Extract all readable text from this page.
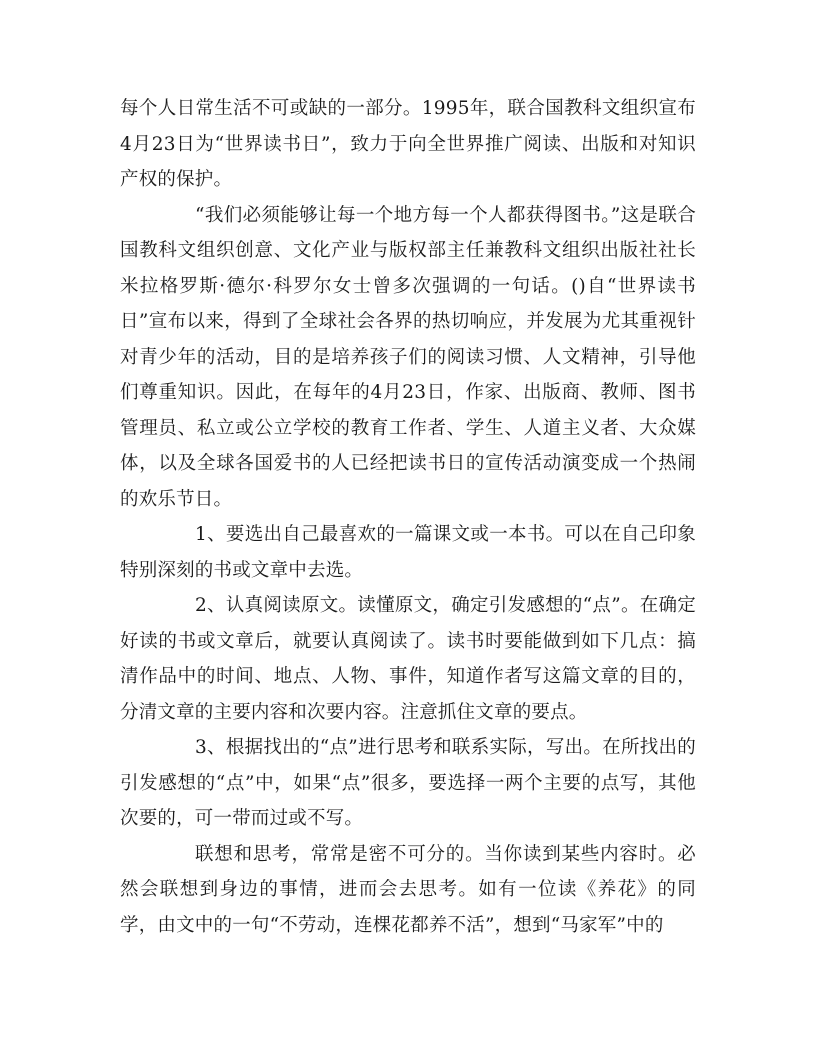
每个人日常生活不可或缺的一部分。1995年，联合国教科文组织宣布4月23日为“世界读书日”，致力于向全世界推广阅读、出版和对知识产权的保护。

“我们必须能够让每一个地方每一个人都获得图书。”这是联合国教科文组织创意、文化产业与版权部主任兼教科文组织出版社社长米拉格罗斯·德尔·科罗尔女士曾多次强调的一句话。()自“世界读书日”宣布以来，得到了全球社会各界的热切响应，并发展为尤其重视针对青少年的活动，目的是培养孩子们的阅读习惯、人文精神，引导他们尊重知识。因此，在每年的4月23日，作家、出版商、教师、图书管理员、私立或公立学校的教育工作者、学生、人道主义者、大众媒体，以及全球各国爱书的人已经把读书日的宣传活动演变成一个热闹的欢乐节日。

1、要选出自己最喜欢的一篇课文或一本书。可以在自己印象特别深刻的书或文章中去选。

2、认真阅读原文。读懂原文，确定引发感想的“点”。在确定好读的书或文章后，就要认真阅读了。读书时要能做到如下几点：搞清作品中的时间、地点、人物、事件，知道作者写这篇文章的目的，分清文章的主要内容和次要内容。注意抓住文章的要点。

3、根据找出的“点”进行思考和联系实际，写出。在所找出的引发感想的“点”中，如果“点”很多，要选择一两个主要的点写，其他次要的，可一带而过或不写。

联想和思考，常常是密不可分的。当你读到某些内容时。必然会联想到身边的事情，进而会去思考。如有一位读《养花》的同学，由文中的一句“不劳动，连棵花都养不活”，想到“马家军”中的
